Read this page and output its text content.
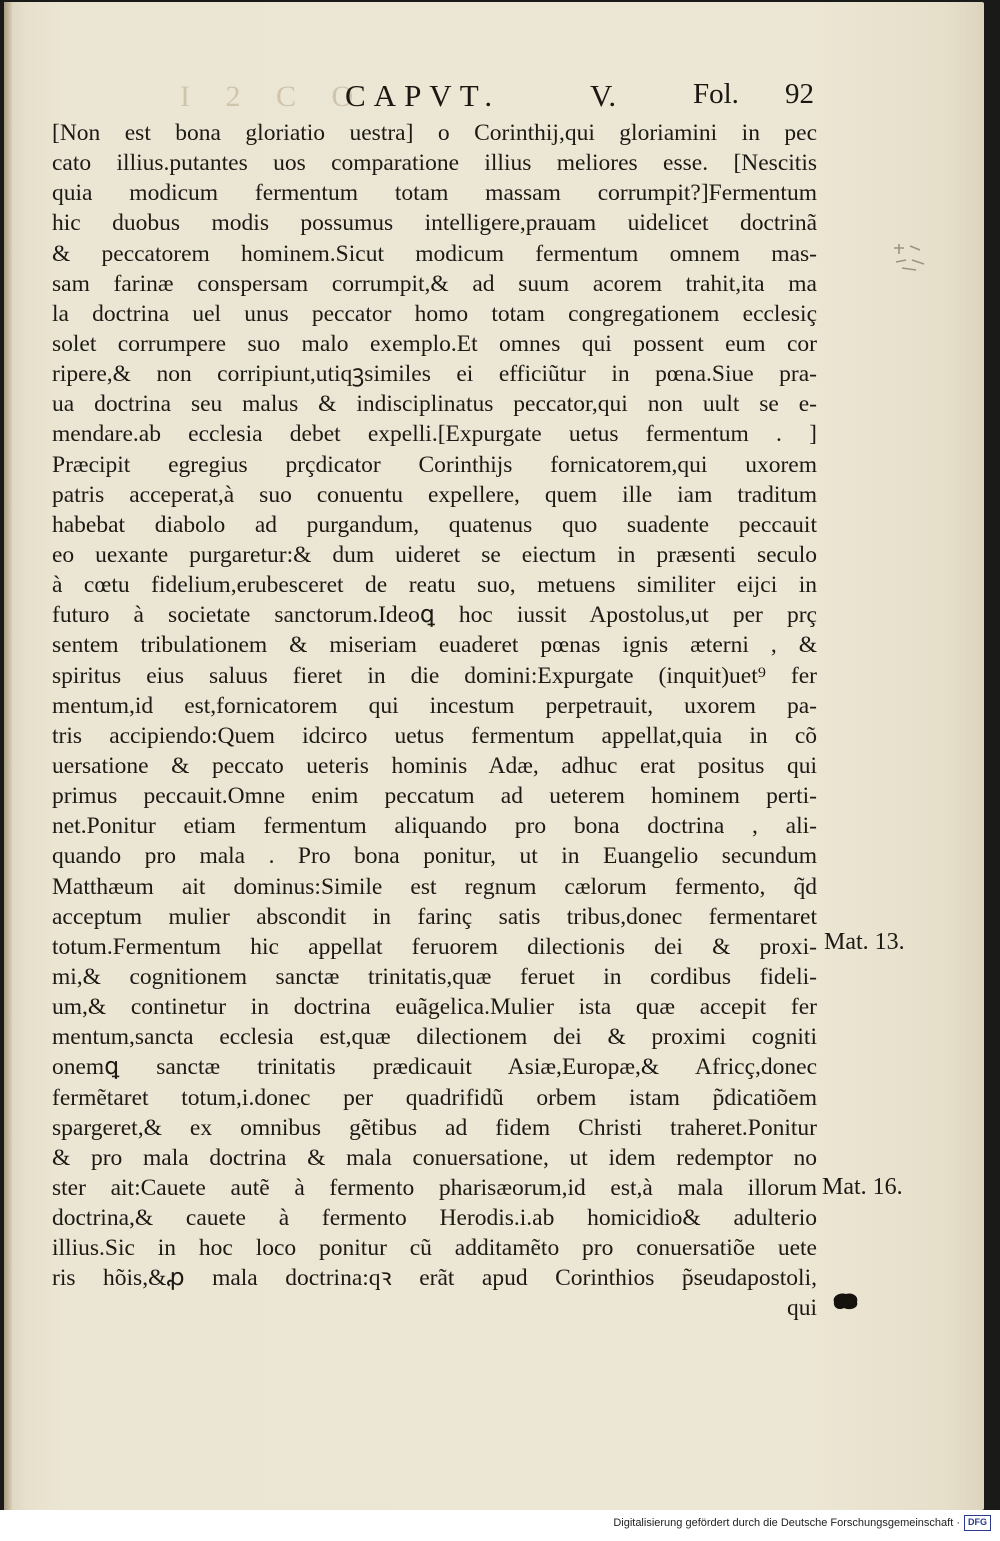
I 2 C O
CAPVT.	V.	Fol. 92
[Non est bona gloriatio uestra] o Corinthij,qui gloriamini in pec
cato illius.putantes uos comparatione illius meliores esse. [Nescitis
quia modicum fermentum totam massam corrumpit?]Fermentum
hic duobus modis possumus intelligere,prauam uidelicet doctrinã
& peccatorem hominem.Sicut modicum fermentum omnem mas-
sam farinæ conspersam corrumpit,& ad suum acorem trahit,ita ma
la doctrina uel unus peccator homo totam congregationem ecclesiç
solet corrumpere suo malo exemplo.Et omnes qui possent eum cor
ripere,& non corripiunt,utiqꝫsimiles ei efficiũtur in pœna.Siue pra-
ua doctrina seu malus & indisciplinatus peccator,qui non uult se e-
mendare.ab ecclesia debet expelli.[Expurgate uetus fermentum . ]
Præcipit egregius prçdicator Corinthijs fornicatorem,qui uxorem
patris acceperat,à suo conuentu expellere, quem ille iam traditum
habebat diabolo ad purgandum, quatenus quo suadente peccauit
eo uexante purgaretur:& dum uideret se eiectum in præsenti seculo
à cœtu fidelium,erubesceret de reatu suo, metuens similiter eijci in
futuro à societate sanctorum.Ideoꝗ hoc iussit Apostolus,ut per prç
sentem tribulationem & miseriam euaderet pœnas ignis æterni , &
spiritus eius saluus fieret in die domini:Expurgate (inquit)uet⁹ fer
mentum,id est,fornicatorem qui incestum perpetrauit, uxorem pa-
tris accipiendo:Quem idcirco uetus fermentum appellat,quia in cõ
uersatione & peccato ueteris hominis Adæ, adhuc erat positus qui
primus peccauit.Omne enim peccatum ad ueterem hominem perti-
net.Ponitur etiam fermentum aliquando pro bona doctrina , ali-
quando pro mala . Pro bona ponitur, ut in Euangelio secundum
Matthæum ait dominus:Simile est regnum cælorum fermento, q̃d
acceptum mulier abscondit in farinç satis tribus,donec fermentaret
totum.Fermentum hic appellat feruorem dilectionis dei & proxi-
mi,& cognitionem sanctæ trinitatis,quæ feruet in cordibus fideli-
um,& continetur in doctrina euãgelica.Mulier ista quæ accepit fer
mentum,sancta ecclesia est,quæ dilectionem dei & proximi cogniti
onemꝗ sanctæ trinitatis prædicauit Asiæ,Europæ,& Africç,donec
fermẽtaret totum,i.donec per quadrifidũ orbem istam p̃dicatiõem
spargeret,& ex omnibus gẽtibus ad fidem Christi traheret.Ponitur
& pro mala doctrina & mala conuersatione, ut idem redemptor no
ster ait:Cauete autẽ à fermento pharisæorum,id est,à mala illorum
doctrina,& cauete à fermento Herodis.i.ab homicidio& adulterio
illius.Sic in hoc loco ponitur cũ additamẽto pro conuersatiõe uete
ris hõis,&ꝓ mala doctrina:qꝛ erãt apud Corinthios p̃seudapostoli,
qui
Mat. 13.
Mat. 16.
Digitalisierung gefördert durch die Deutsche Forschungsgemeinschaft · DFG
